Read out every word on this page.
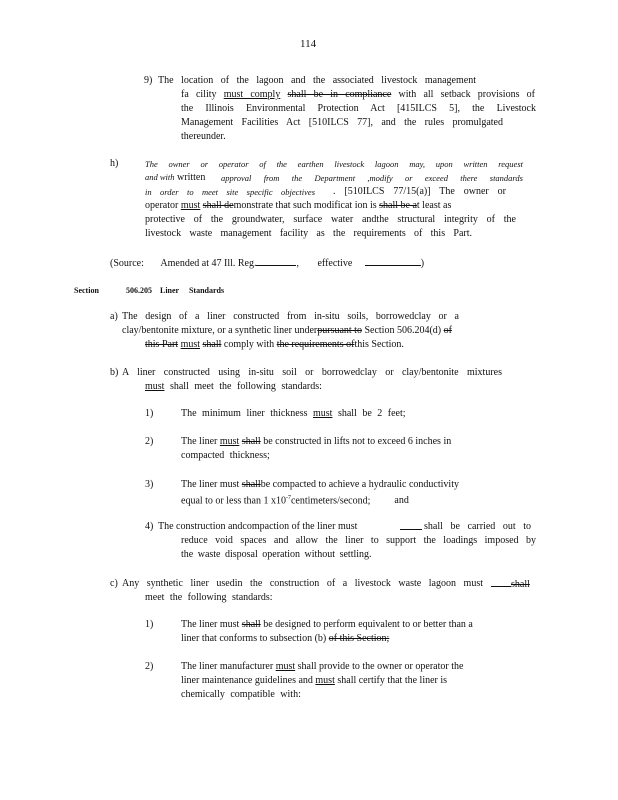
114
9) The location of the lagoon and the associated livestock management
fa cility must comply shall be in compliance with all setback provisions of
the Illinois Environmental Protection Act [415ILCS 5], the Livestock
Management Facilities Act [510ILCS 77], and the rules promulgated
thereunder.
h)	The owner or operator of the earthen livestock lagoon may, upon written request
and with written approval from the Department ,modify or exceed there standards
in order to meet site specific objectives . [510ILCS 77/15(a)] The owner or
operator must shall demonstrate that such modificat ion is shall be at least as
protective of the groundwater, surface water andthe structural integrity of the
livestock waste management facility as the requirements of this Part.
(Source: Amended at 47 Ill. Reg.	, effective	)
Section	506.205 Liner Standards
a) The design of a liner constructed from in-situ soils, borrowedclay or a
clay/bentonite mixture, or a synthetic liner underpursuant to Section 506.204(d) of
this Part must shall comply with the requirements ofthis Section.
b) A liner constructed using in-situ soil or borrowedclay or clay/bentonite mixtures
must shall meet the following standards:
1)	The minimum liner thickness must shall be 2 feet;
2)	The liner must shall be constructed in lifts not to exceed 6 inches in
compacted thickness;
3)	The liner must shallbe compacted to achieve a hydraulic conductivity
equal to or less than 1 $x10^{-7}centimeters$/second; and
4) The construction andcompaction of the liner must	shall be carried out to
reduce void spaces and allow the liner to support the loadings imposed by
the waste disposal operation without settling.
c) Any synthetic liner usedin the construction of a livestock waste lagoon must	shall
meet the following standards:
1)	The liner must shall be designed to perform equivalent to or better than a
liner that conforms to subsection (b) of this Section;
2)	The liner manufacturer must shall provide to the owner or operator the
liner maintenance guidelines and must shall certify that the liner is
chemically compatible with:
